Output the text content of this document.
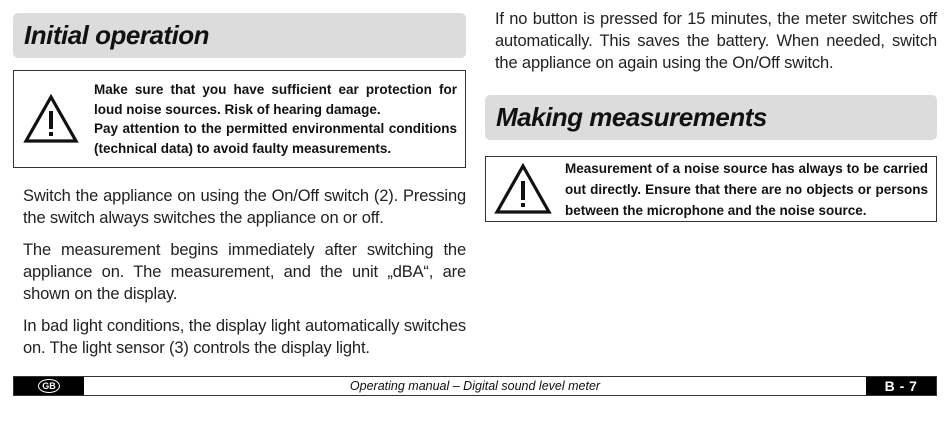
Initial operation
Make sure that you have sufficient ear protection for loud noise sources. Risk of hearing damage.
Pay attention to the permitted environmental conditions (technical data) to avoid faulty measurements.

Switch the appliance on using the On/Off switch (2). Pressing the switch always switches the appliance on or off.

The measurement begins immediately after switching the appliance on. The measurement, and the unit „dBA“, are shown on the display.

In bad light conditions, the display light automatically switches on. The light sensor (3) controls the display light.

If no button is pressed for 15 minutes, the meter switches off automatically. This saves the battery. When needed, switch the appliance on again using the On/Off switch.

Making measurements
Measurement of a noise source has always to be carried out directly. Ensure that there are no objects or persons between the microphone and the noise source.
GB	Operating manual – Digital sound level meter	B - 7
